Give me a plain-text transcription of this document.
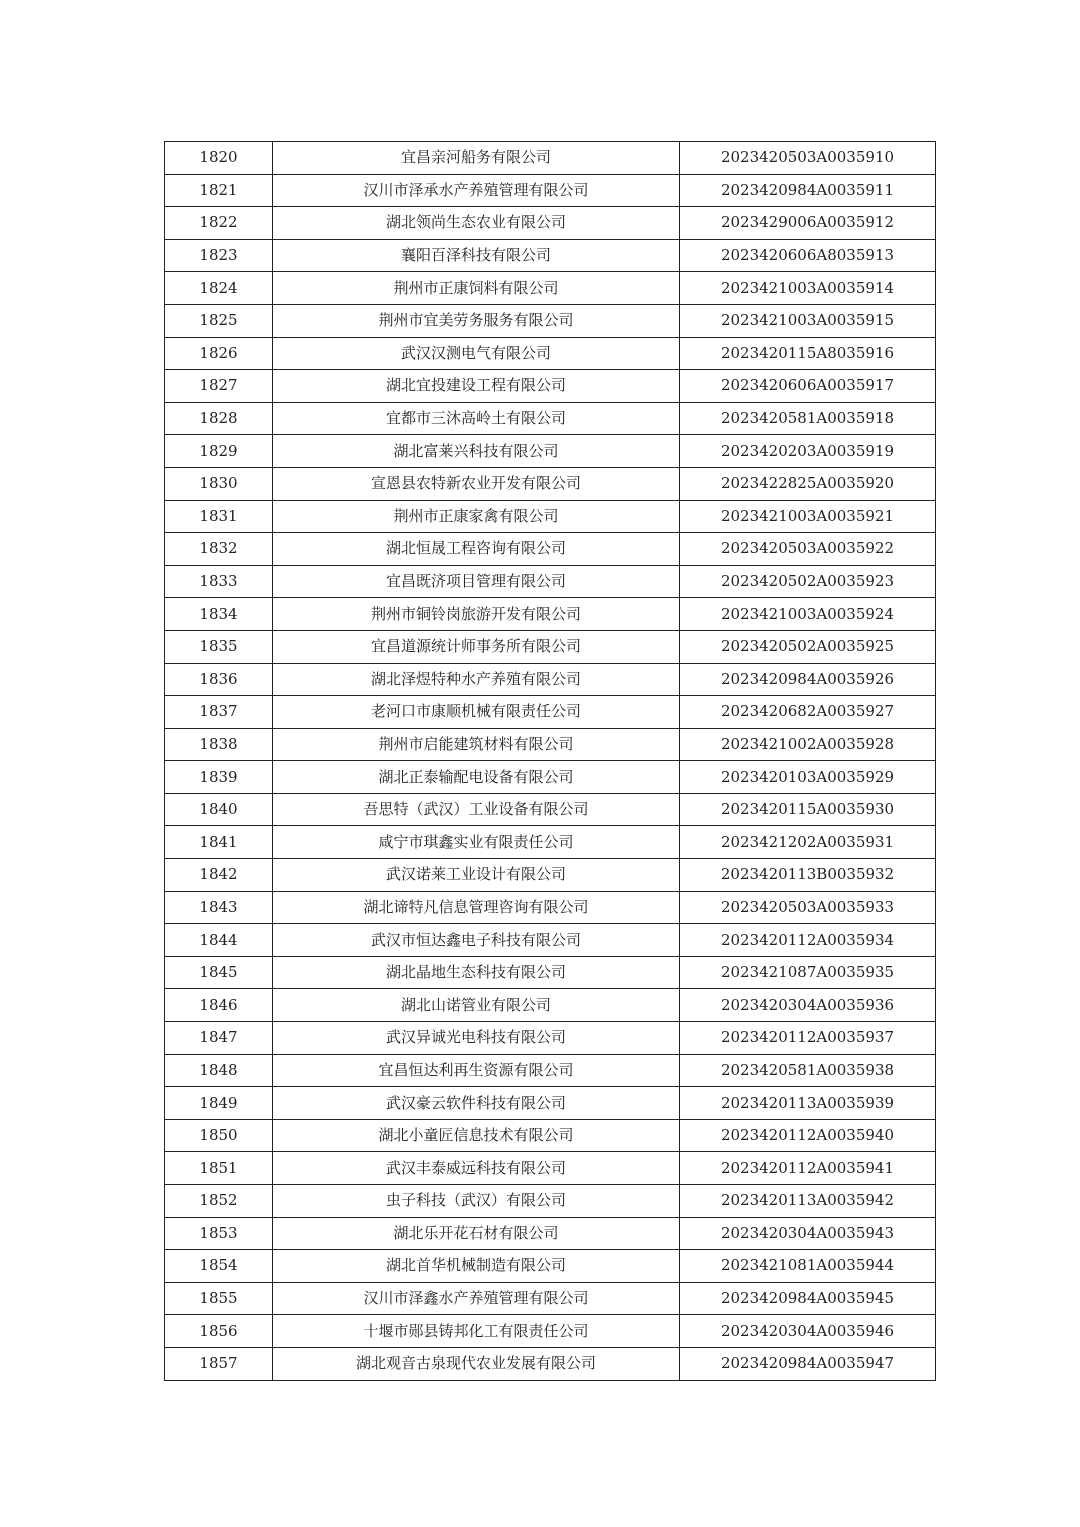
1820	宜昌亲河船务有限公司	2023420503A0035910
1821	汉川市泽承水产养殖管理有限公司	2023420984A0035911
1822	湖北领尚生态农业有限公司	2023429006A0035912
1823	襄阳百泽科技有限公司	2023420606A8035913
1824	荆州市正康饲料有限公司	2023421003A0035914
1825	荆州市宜美劳务服务有限公司	2023421003A0035915
1826	武汉汉测电气有限公司	2023420115A8035916
1827	湖北宜投建设工程有限公司	2023420606A0035917
1828	宜都市三沐高岭土有限公司	2023420581A0035918
1829	湖北富莱兴科技有限公司	2023420203A0035919
1830	宣恩县农特新农业开发有限公司	2023422825A0035920
1831	荆州市正康家禽有限公司	2023421003A0035921
1832	湖北恒晟工程咨询有限公司	2023420503A0035922
1833	宜昌既济项目管理有限公司	2023420502A0035923
1834	荆州市铜铃岗旅游开发有限公司	2023421003A0035924
1835	宜昌道源统计师事务所有限公司	2023420502A0035925
1836	湖北泽煜特种水产养殖有限公司	2023420984A0035926
1837	老河口市康顺机械有限责任公司	2023420682A0035927
1838	荆州市启能建筑材料有限公司	2023421002A0035928
1839	湖北正泰输配电设备有限公司	2023420103A0035929
1840	吾思特（武汉）工业设备有限公司	2023420115A0035930
1841	咸宁市琪鑫实业有限责任公司	2023421202A0035931
1842	武汉诺莱工业设计有限公司	2023420113B0035932
1843	湖北谛特凡信息管理咨询有限公司	2023420503A0035933
1844	武汉市恒达鑫电子科技有限公司	2023420112A0035934
1845	湖北晶地生态科技有限公司	2023421087A0035935
1846	湖北山诺管业有限公司	2023420304A0035936
1847	武汉异诚光电科技有限公司	2023420112A0035937
1848	宜昌恒达利再生资源有限公司	2023420581A0035938
1849	武汉豪云软件科技有限公司	2023420113A0035939
1850	湖北小童匠信息技术有限公司	2023420112A0035940
1851	武汉丰泰威远科技有限公司	2023420112A0035941
1852	虫子科技（武汉）有限公司	2023420113A0035942
1853	湖北乐开花石材有限公司	2023420304A0035943
1854	湖北首华机械制造有限公司	2023421081A0035944
1855	汉川市泽鑫水产养殖管理有限公司	2023420984A0035945
1856	十堰市郧县铸邦化工有限责任公司	2023420304A0035946
1857	湖北观音古泉现代农业发展有限公司	2023420984A0035947
